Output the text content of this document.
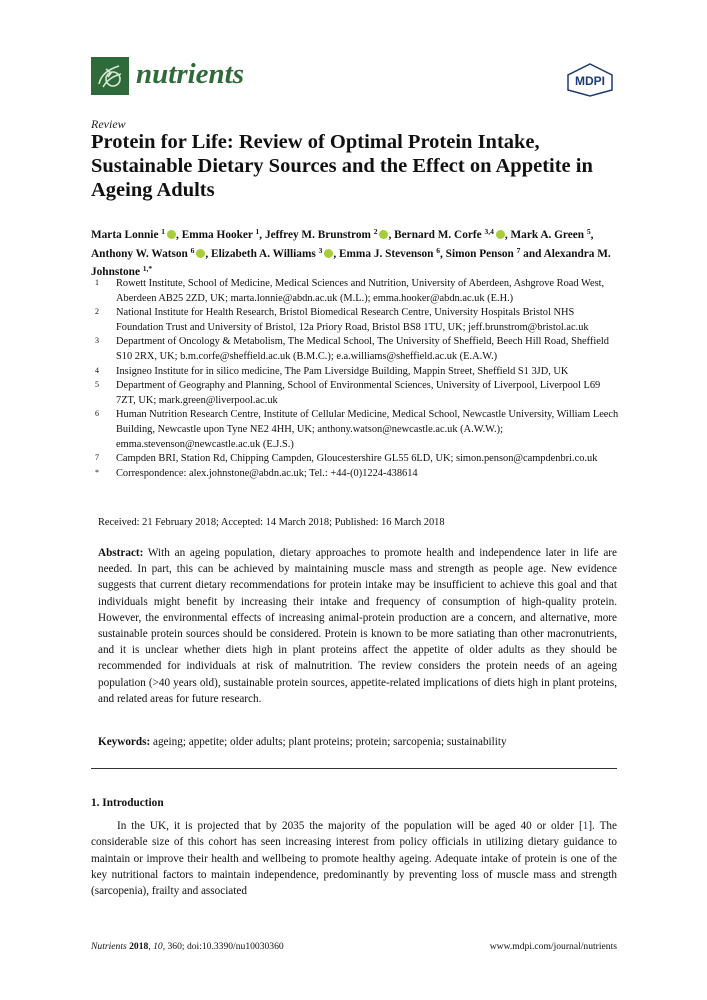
nutrients	MDPI
Review
Protein for Life: Review of Optimal Protein Intake, Sustainable Dietary Sources and the Effect on Appetite in Ageing Adults
Marta Lonnie $^1$ , Emma Hooker $^1$, Jeffrey M. Brunstrom $^2$ , Bernard M. Corfe $^{3,4}$ , Mark A. Green $^5$, Anthony W. Watson $^6$ , Elizabeth A. Williams $^3$ , Emma J. Stevenson $^6$, Simon Penson $^7$ and Alexandra M. Johnstone $^{1,*}$
1	Rowett Institute, School of Medicine, Medical Sciences and Nutrition, University of Aberdeen, Ashgrove Road West, Aberdeen AB25 2ZD, UK; marta.lonnie@abdn.ac.uk (M.L.); emma.hooker@abdn.ac.uk (E.H.)
2	National Institute for Health Research, Bristol Biomedical Research Centre, University Hospitals Bristol NHS Foundation Trust and University of Bristol, 12a Priory Road, Bristol BS8 1TU, UK; jeff.brunstrom@bristol.ac.uk
3	Department of Oncology & Metabolism, The Medical School, The University of Sheffield, Beech Hill Road, Sheffield S10 2RX, UK; b.m.corfe@sheffield.ac.uk (B.M.C.); e.a.williams@sheffield.ac.uk (E.A.W.)
4	Insigneo Institute for in silico medicine, The Pam Liversidge Building, Mappin Street, Sheffield S1 3JD, UK
5	Department of Geography and Planning, School of Environmental Sciences, University of Liverpool, Liverpool L69 7ZT, UK; mark.green@liverpool.ac.uk
6	Human Nutrition Research Centre, Institute of Cellular Medicine, Medical School, Newcastle University, William Leech Building, Newcastle upon Tyne NE2 4HH, UK; anthony.watson@newcastle.ac.uk (A.W.W.); emma.stevenson@newcastle.ac.uk (E.J.S.)
7	Campden BRI, Station Rd, Chipping Campden, Gloucestershire GL55 6LD, UK; simon.penson@campdenbri.co.uk
*	Correspondence: alex.johnstone@abdn.ac.uk; Tel.: +44-(0)1224-438614
Received: 21 February 2018; Accepted: 14 March 2018; Published: 16 March 2018
Abstract: With an ageing population, dietary approaches to promote health and independence later in life are needed. In part, this can be achieved by maintaining muscle mass and strength as people age. New evidence suggests that current dietary recommendations for protein intake may be insufficient to achieve this goal and that individuals might benefit by increasing their intake and frequency of consumption of high-quality protein. However, the environmental effects of increasing animal-protein production are a concern, and alternative, more sustainable protein sources should be considered. Protein is known to be more satiating than other macronutrients, and it is unclear whether diets high in plant proteins affect the appetite of older adults as they should be recommended for individuals at risk of malnutrition. The review considers the protein needs of an ageing population (>40 years old), sustainable protein sources, appetite-related implications of diets high in plant proteins, and related areas for future research.
Keywords: ageing; appetite; older adults; plant proteins; protein; sarcopenia; sustainability
1. Introduction
In the UK, it is projected that by 2035 the majority of the population will be aged 40 or older [1]. The considerable size of this cohort has seen increasing interest from policy officials in utilizing dietary guidance to maintain or improve their health and wellbeing to promote healthy ageing. Adequate intake of protein is one of the key nutritional factors to maintain independence, predominantly by preventing loss of muscle mass and strength (sarcopenia), frailty and associated
Nutrients 2018, 10, 360; doi:10.3390/nu10030360	www.mdpi.com/journal/nutrients
